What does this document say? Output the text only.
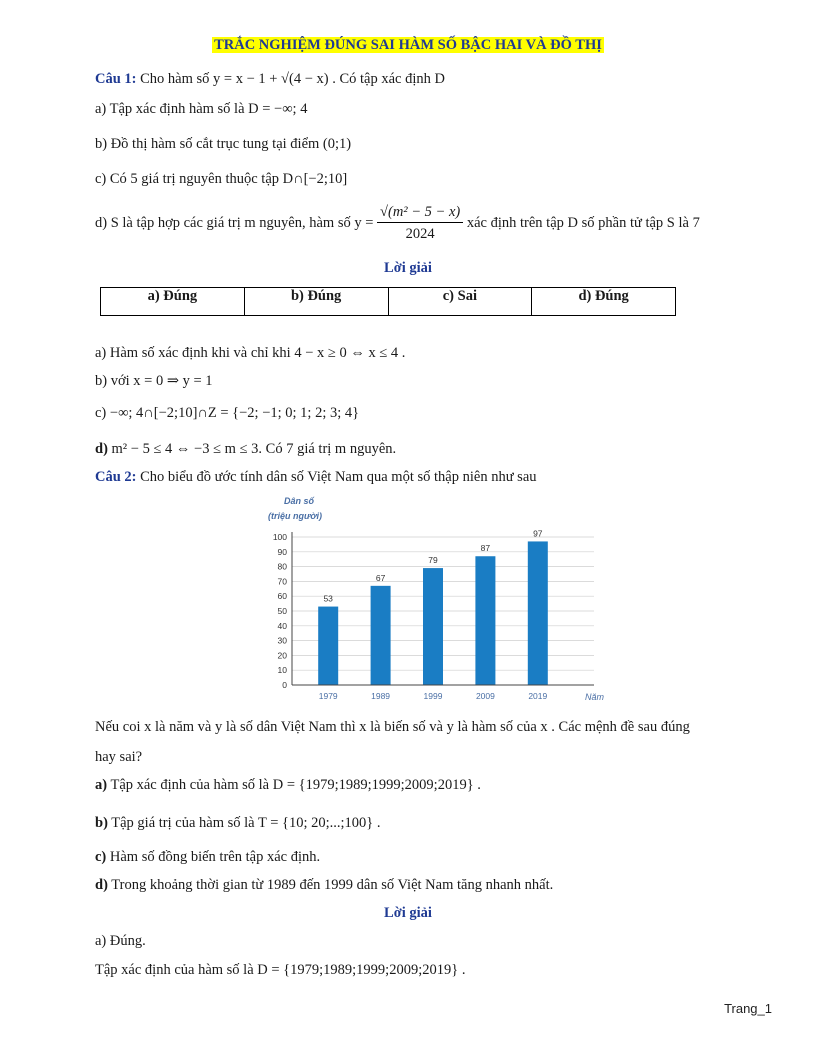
TRẮC NGHIỆM ĐÚNG SAI HÀM SỐ BẬC HAI VÀ ĐỒ THỊ
Câu 1: Cho hàm số y = x − 1 + √(4 − x) . Có tập xác định D
a) Tập xác định hàm số là D = −∞; 4
b) Đồ thị hàm số cắt trục tung tại điểm (0;1)
c) Có 5 giá trị nguyên thuộc tập D∩[−2;10]
d) S là tập hợp các giá trị m nguyên, hàm số $y = \frac{\text{√(m² − 5 − x)}}{2024}$ xác định trên tập D số phần tử tập S là 7
Lời giải
a) Đúng	b) Đúng	c) Sai	d) Đúng
a) Hàm số xác định khi và chỉ khi 4 − x ≥ 0 ⇔ x ≤ 4 .
b) với x = 0 ⇒ y = 1
c) −∞; 4∩[−2;10]∩Z = {−2; −1; 0; 1; 2; 3; 4}
d) m² − 5 ≤ 4 ⇔ −3 ≤ m ≤ 3. Có 7 giá trị m nguyên.
Câu 2: Cho biểu đồ ước tính dân số Việt Nam qua một số thập niên như sau
Dân số
(triệu người)
0
10
20
30
40
50
60
70
80
90
100
53
1979
67
1989
79
1999
87
2009
97
2019	Năm
Nếu coi x là năm và y là số dân Việt Nam thì x là biến số và y là hàm số của x . Các mệnh đề sau đúng
hay sai?
a) Tập xác định của hàm số là D = {1979;1989;1999;2009;2019} .
b) Tập giá trị của hàm số là T = {10; 20;...;100} .
c) Hàm số đồng biến trên tập xác định.
d) Trong khoảng thời gian từ 1989 đến 1999 dân số Việt Nam tăng nhanh nhất.
Lời giải
a) Đúng.
Tập xác định của hàm số là D = {1979;1989;1999;2009;2019} .
Trang_1
